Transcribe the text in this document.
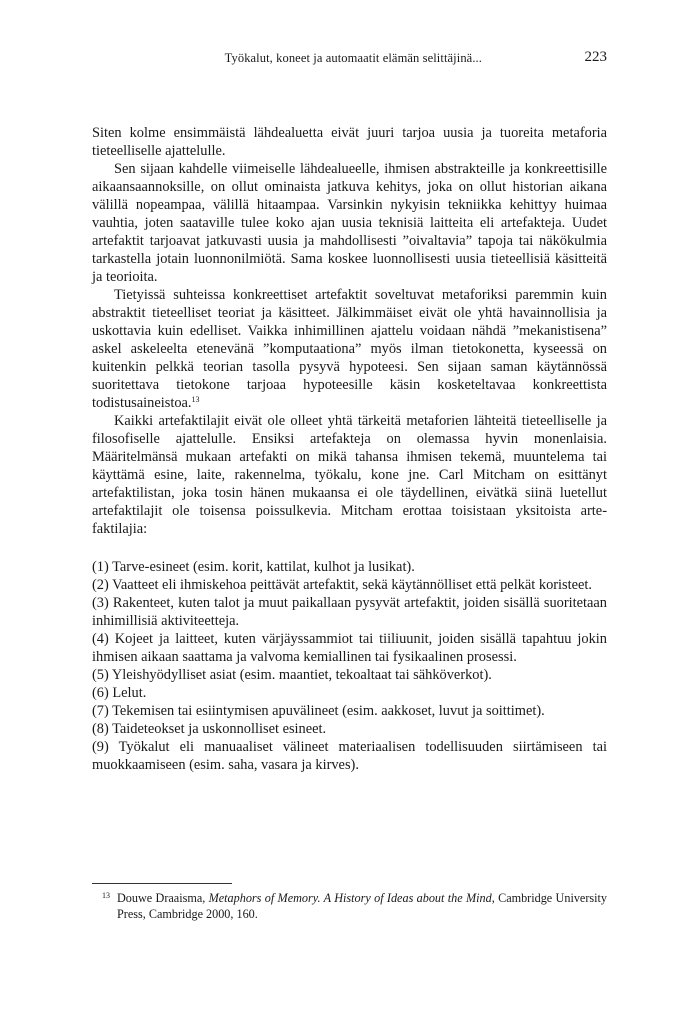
Työkalut, koneet ja automaatit elämän selittäjinä...	223

Siten kolme ensimmäistä lähdealuetta eivät juuri tarjoa uusia ja tuoreita metaforia tieteelliselle ajattelulle.

Sen sijaan kahdelle viimeiselle lähdealueelle, ihmisen abstrakteille ja konkreettisille aikaansaannoksille, on ollut ominaista jatkuva kehitys, joka on ollut historian aikana välillä nopeampaa, välillä hitaampaa. Varsinkin nykyisin tekniikka kehittyy huimaa vauhtia, joten saataville tulee koko ajan uusia teknisiä laitteita eli artefakteja. Uudet artefaktit tarjoavat jatkuvasti uusia ja mahdollisesti ”oivaltavia” tapoja tai näkökulmia tarkastella jotain luonnonilmiötä. Sama koskee luonnollisesti uusia tieteellisiä käsitteitä ja teorioita.

Tietyissä suhteissa konkreettiset artefaktit soveltuvat metaforiksi paremmin kuin abstraktit tieteelliset teoriat ja käsitteet. Jälkimmäiset eivät ole yhtä havainnollisia ja uskottavia kuin edelliset. Vaikka inhimillinen ajattelu voidaan nähdä ”mekanistisena” askel askeleelta etenevänä ”komputaationa” myös ilman tietokonetta, kyseessä on kuitenkin pelkkä teorian tasolla pysyvä hypoteesi. Sen sijaan saman käytännössä suoritettava tietokone tarjoaa hypoteesille käsin kosketeltavaa konkreettista todistusaineistoa.$^{13}$

Kaikki artefaktilajit eivät ole olleet yhtä tärkeitä metaforien lähteitä tieteelliselle ja filosofiselle ajattelulle. Ensiksi artefakteja on olemassa hyvin monenlaisia. Määritelmänsä mukaan artefakti on mikä tahansa ihmisen tekemä, muuntelema tai käyttämä esine, laite, rakennelma, työkalu, kone jne. Carl Mitcham on esittänyt artefaktilistan, joka tosin hänen mukaansa ei ole täydellinen, eivätkä siinä luetellut artefaktilajit ole toisensa poissulkevia. Mitcham erottaa toisistaan yksitoista artefaktilajia:

(1) Tarve-esineet (esim. korit, kattilat, kulhot ja lusikat).
(2) Vaatteet eli ihmiskehoa peittävät artefaktit, sekä käytännölliset että pelkät koristeet.
(3) Rakenteet, kuten talot ja muut paikallaan pysyvät artefaktit, joiden sisällä suoritetaan inhimillisiä aktiviteetteja.
(4) Kojeet ja laitteet, kuten värjäyssammiot tai tiiliuunit, joiden sisällä tapahtuu jokin ihmisen aikaan saattama ja valvoma kemiallinen tai fysikaalinen prosessi.
(5) Yleishyödylliset asiat (esim. maantiet, tekoaltaat tai sähköverkot).
(6) Lelut.
(7) Tekemisen tai esiintymisen apuvälineet (esim. aakkoset, luvut ja soittimet).
(8) Taideteokset ja uskonnolliset esineet.
(9) Työkalut eli manuaaliset välineet materiaalisen todellisuuden siirtämiseen tai muokkaamiseen (esim. saha, vasara ja kirves).
13 Douwe Draaisma, Metaphors of Memory. A History of Ideas about the Mind, Cambridge University Press, Cambridge 2000, 160.
